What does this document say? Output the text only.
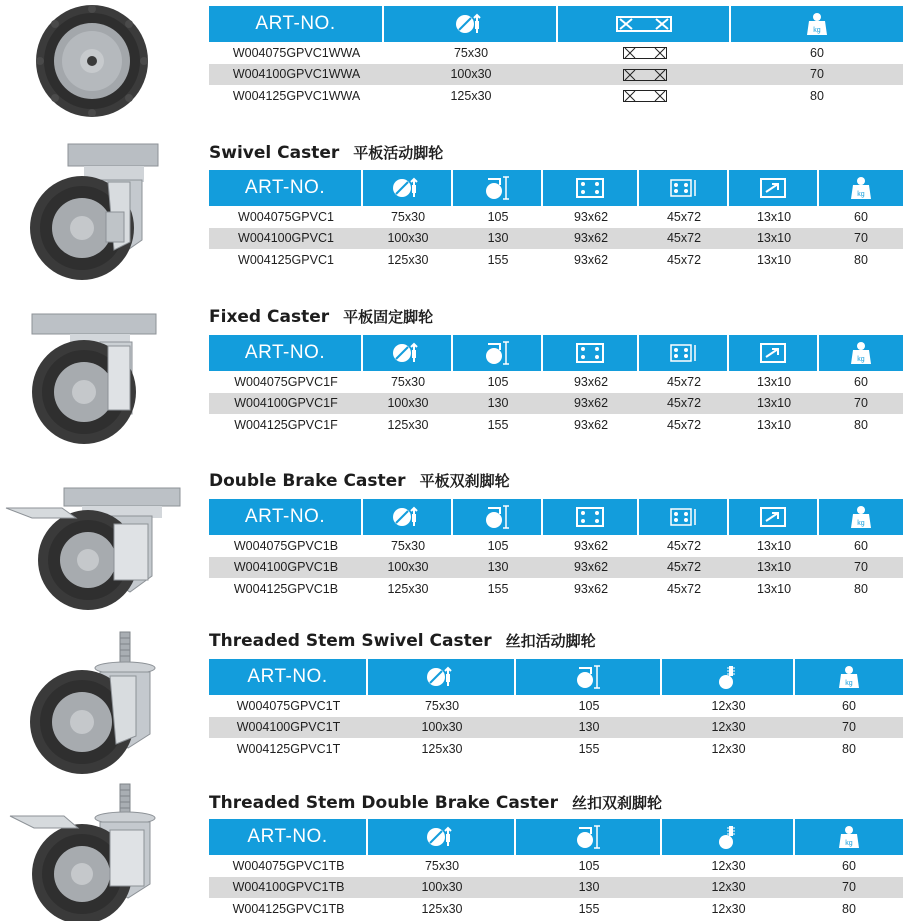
ART-NO.	kg
W004075GPVC1WWA	75x30	60
W004100GPVC1WWA	100x30	70
W004125GPVC1WWA	125x30	80
Swivel Caster 平板活动脚轮
ART-NO.	kg
W004075GPVC1	75x30	105	93x62	45x72	13x10	60
W004100GPVC1	100x30	130	93x62	45x72	13x10	70
W004125GPVC1	125x30	155	93x62	45x72	13x10	80
Fixed Caster 平板固定脚轮
ART-NO.	kg
W004075GPVC1F	75x30	105	93x62	45x72	13x10	60
W004100GPVC1F	100x30	130	93x62	45x72	13x10	70
W004125GPVC1F	125x30	155	93x62	45x72	13x10	80
Double Brake Caster 平板双刹脚轮
ART-NO.	kg
W004075GPVC1B	75x30	105	93x62	45x72	13x10	60
W004100GPVC1B	100x30	130	93x62	45x72	13x10	70
W004125GPVC1B	125x30	155	93x62	45x72	13x10	80
Threaded Stem Swivel Caster 丝扣活动脚轮
ART-NO.	kg
W004075GPVC1T	75x30	105	12x30	60
W004100GPVC1T	100x30	130	12x30	70
W004125GPVC1T	125x30	155	12x30	80
Threaded Stem Double Brake Caster 丝扣双刹脚轮
ART-NO.	kg
W004075GPVC1TB	75x30	105	12x30	60
W004100GPVC1TB	100x30	130	12x30	70
W004125GPVC1TB	125x30	155	12x30	80
